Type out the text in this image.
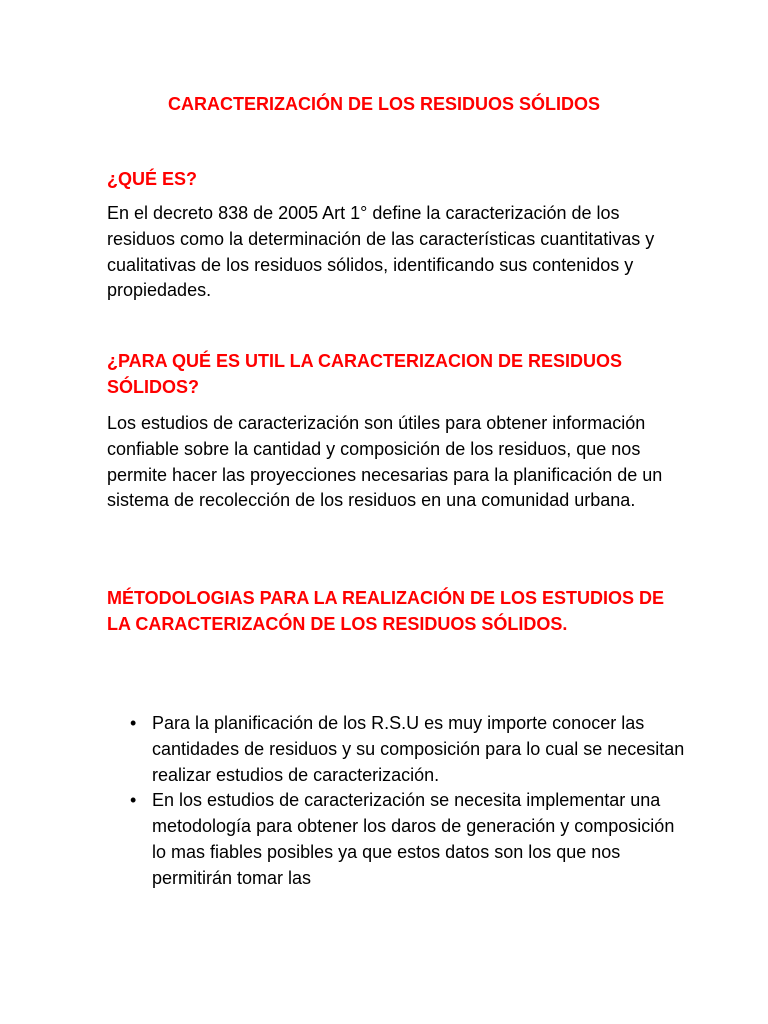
CARACTERIZACIÓN DE LOS RESIDUOS SÓLIDOS
¿QUÉ ES?

En el decreto 838 de 2005 Art 1° define la caracterización de los residuos como la determinación de las características cuantitativas y cualitativas de los residuos sólidos, identificando sus contenidos y propiedades.

¿PARA QUÉ ES UTIL LA CARACTERIZACION DE RESIDUOS SÓLIDOS?

Los estudios de caracterización son útiles para obtener información confiable sobre la cantidad y composición de los residuos, que nos permite hacer las proyecciones necesarias para la planificación de un sistema de recolección de los residuos en una comunidad urbana.

MÉTODOLOGIAS PARA LA REALIZACIÓN DE LOS ESTUDIOS DE LA CARACTERIZACÓN DE LOS RESIDUOS SÓLIDOS.
• Para la planificación de los R.S.U es muy importe conocer las cantidades de residuos y su composición para lo cual se necesitan realizar estudios de caracterización.
• En los estudios de caracterización se necesita implementar una metodología para obtener los daros de generación y composición lo mas fiables posibles ya que estos datos son los que nos permitirán tomar las
